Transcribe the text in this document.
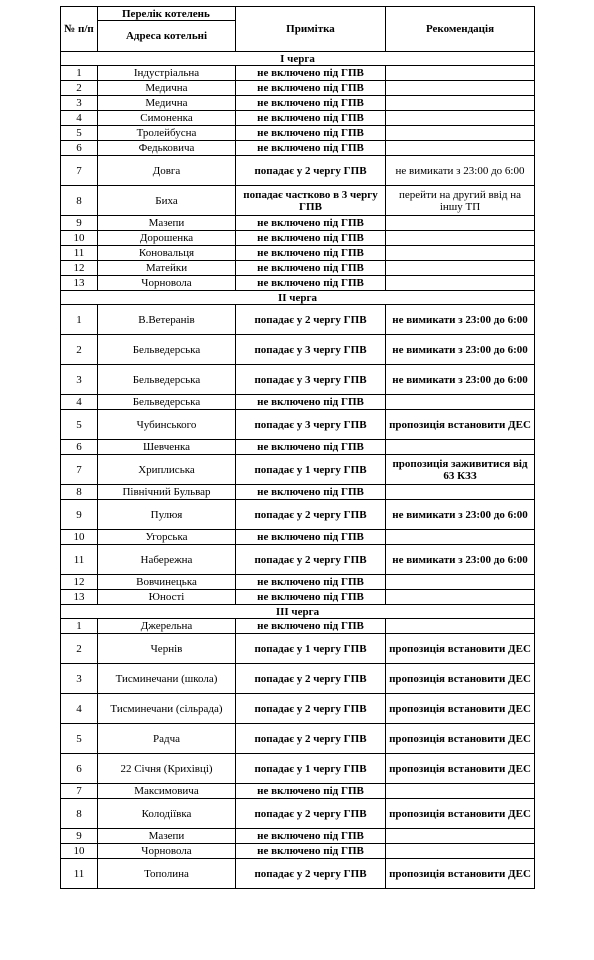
№ п/п	Перелік котелень	Примітка	Рекомендація
	Адреса котельні		
I черга			
1	Індустріальна	не включено під ГПВ	
2	Медична	не включено під ГПВ	
3	Медична	не включено під ГПВ	
4	Симоненка	не включено під ГПВ	
5	Тролейбусна	не включено під ГПВ	
6	Федьковича	не включено під ГПВ	
7	Довга	попадає у 2 чергу ГПВ	не вимикати з 23:00 до 6:00
8	Биха	попадає частково в 3 чергу ГПВ	перейти на другий ввід на іншу ТП
9	Мазепи	не включено під ГПВ	
10	Дорошенка	не включено під ГПВ	
11	Коновальця	не включено під ГПВ	
12	Матейки	не включено під ГПВ	
13	Чорновола	не включено під ГПВ	
II черга			
1	В.Ветеранів	попадає у 2 чергу ГПВ	не вимикати з 23:00 до 6:00
2	Бельведерська	попадає у 3 чергу ГПВ	не вимикати з 23:00 до 6:00
3	Бельведерська	попадає у 3 чергу ГПВ	не вимикати з 23:00 до 6:00
4	Бельведерська	не включено під ГПВ	
5	Чубинського	попадає у 3 чергу ГПВ	пропозиція встановити ДЕС
6	Шевченка	не включено під ГПВ	
7	Хриплиська	попадає у 1 чергу ГПВ	пропозиція заживитися від 63 КЗЗ
8	Північний Бульвар	не включено під ГПВ	
9	Пулюя	попадає у 2 чергу ГПВ	не вимикати з 23:00 до 6:00
10	Угорська	не включено під ГПВ	
11	Набережна	попадає у 2 чергу ГПВ	не вимикати з 23:00 до 6:00
12	Вовчинецька	не включено під ГПВ	
13	Юності	не включено під ГПВ	
III черга			
1	Джерельна	не включено під ГПВ	
2	Чернів	попадає у 1 чергу ГПВ	пропозиція встановити ДЕС
3	Тисминечани (школа)	попадає у 2 чергу ГПВ	пропозиція встановити ДЕС
4	Тисминечани (сільрада)	попадає у 2 чергу ГПВ	пропозиція встановити ДЕС
5	Радча	попадає у 2 чергу ГПВ	пропозиція встановити ДЕС
6	22 Січня (Крихівці)	попадає у 1 чергу ГПВ	пропозиція встановити ДЕС
7	Максимовича	не включено під ГПВ	
8	Колодіївка	попадає у 2 чергу ГПВ	пропозиція встановити ДЕС
9	Мазепи	не включено під ГПВ	
10	Чорновола	не включено під ГПВ	
11	Тополина	попадає у 2 чергу ГПВ	пропозиція встановити ДЕС
